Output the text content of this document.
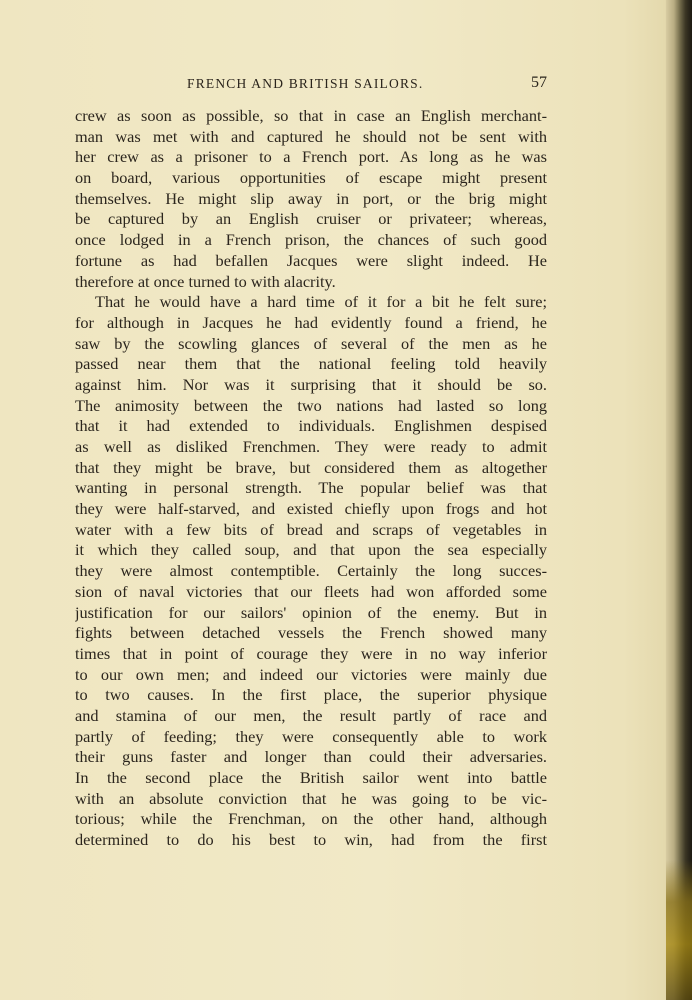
FRENCH AND BRITISH SAILORS.	57
crew as soon as possible, so that in case an English merchant-
man was met with and captured he should not be sent with
her crew as a prisoner to a French port. As long as he was
on board, various opportunities of escape might present
themselves. He might slip away in port, or the brig might
be captured by an English cruiser or privateer; whereas,
once lodged in a French prison, the chances of such good
fortune as had befallen Jacques were slight indeed. He
therefore at once turned to with alacrity.
That he would have a hard time of it for a bit he felt sure;
for although in Jacques he had evidently found a friend, he
saw by the scowling glances of several of the men as he
passed near them that the national feeling told heavily
against him. Nor was it surprising that it should be so.
The animosity between the two nations had lasted so long
that it had extended to individuals. Englishmen despised
as well as disliked Frenchmen. They were ready to admit
that they might be brave, but considered them as altogether
wanting in personal strength. The popular belief was that
they were half-starved, and existed chiefly upon frogs and hot
water with a few bits of bread and scraps of vegetables in
it which they called soup, and that upon the sea especially
they were almost contemptible. Certainly the long succes-
sion of naval victories that our fleets had won afforded some
justification for our sailors' opinion of the enemy. But in
fights between detached vessels the French showed many
times that in point of courage they were in no way inferior
to our own men; and indeed our victories were mainly due
to two causes. In the first place, the superior physique
and stamina of our men, the result partly of race and
partly of feeding; they were consequently able to work
their guns faster and longer than could their adversaries.
In the second place the British sailor went into battle
with an absolute conviction that he was going to be vic-
torious; while the Frenchman, on the other hand, although
determined to do his best to win, had from the first
